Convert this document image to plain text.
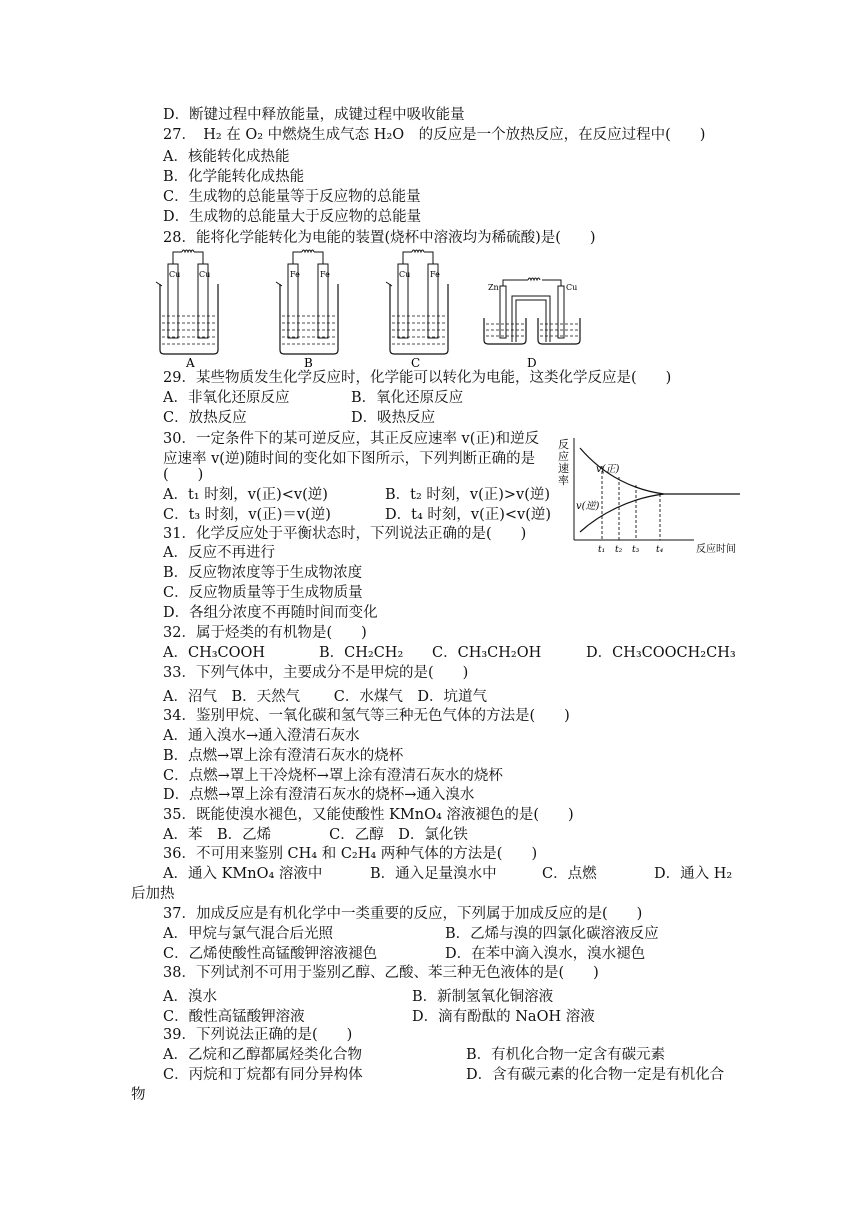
D．断键过程中释放能量，成键过程中吸收能量
27．　H₂ 在 O₂ 中燃烧生成气态 H₂O　的反应是一个放热反应，在反应过程中(　　)
A．核能转化成热能
B．化学能转化成热能
C．生成物的总能量等于反应物的总能量
D．生成物的总能量大于反应物的总能量
28．能将化学能转化为电能的装置(烧杯中溶液均为稀硫酸)是(　　)
Cu Cu	Fe	Fe	Cu Fe
Zn	Cu
A	B	C	D
29．某些物质发生化学反应时，化学能可以转化为电能，这类化学反应是(　　)
A．非氧化还原反应	B．氧化还原反应
C．放热反应	D．吸热反应
30．一定条件下的某可逆反应，其正反应速率 v(正)和逆反
应速率 v(逆)随时间的变化如下图所示，下列判断正确的是
(　　)
A．t₁ 时刻，v(正)<v(逆)	B．t₂ 时刻，v(正)>v(逆)
C．t₃ 时刻，v(正)＝v(逆)	D．t₄ 时刻，v(正)<v(逆)
反
应
速
率
v(正)
v(逆)
t₁ t₂ t₃ t₄	反应时间
31．化学反应处于平衡状态时，下列说法正确的是(　　)
A．反应不再进行
B．反应物浓度等于生成物浓度
C．反应物质量等于生成物质量
D．各组分浓度不再随时间而变化
32．属于烃类的有机物是(　　)
A．CH₃COOH	B．CH₂CH₂ C．CH₃CH₂OH	D．CH₃COOCH₂CH₃
33．下列气体中，主要成分不是甲烷的是(　　)
A．沼气　B．天然气　　 C．水煤气　D．坑道气
34．鉴别甲烷、一氧化碳和氢气等三种无色气体的方法是(　　)
A．通入溴水→通入澄清石灰水
B．点燃→罩上涂有澄清石灰水的烧杯
C．点燃→罩上干冷烧杯→罩上涂有澄清石灰水的烧杯
D．点燃→罩上涂有澄清石灰水的烧杯→通入溴水
35．既能使溴水褪色，又能使酸性 KMnO₄ 溶液褪色的是(　　)
A．苯　B．乙烯　　　　C．乙醇　D．氯化铁
36．不可用来鉴别 CH₄ 和 C₂H₄ 两种气体的方法是(　　)
A．通入 KMnO₄ 溶液中	B．通入足量溴水中	C．点燃	D．通入 H₂
后加热
37．加成反应是有机化学中一类重要的反应，下列属于加成反应的是(　　)
A．甲烷与氯气混合后光照	B．乙烯与溴的四氯化碳溶液反应
C．乙烯使酸性高锰酸钾溶液褪色	D．在苯中滴入溴水，溴水褪色
38．下列试剂不可用于鉴别乙醇、乙酸、苯三种无色液体的是(　　)
A．溴水	B．新制氢氧化铜溶液
C．酸性高锰酸钾溶液	D．滴有酚酞的 NaOH 溶液
39．下列说法正确的是(　　)
A．乙烷和乙醇都属烃类化合物	B．有机化合物一定含有碳元素
C．丙烷和丁烷都有同分异构体	D．含有碳元素的化合物一定是有机化合
物
